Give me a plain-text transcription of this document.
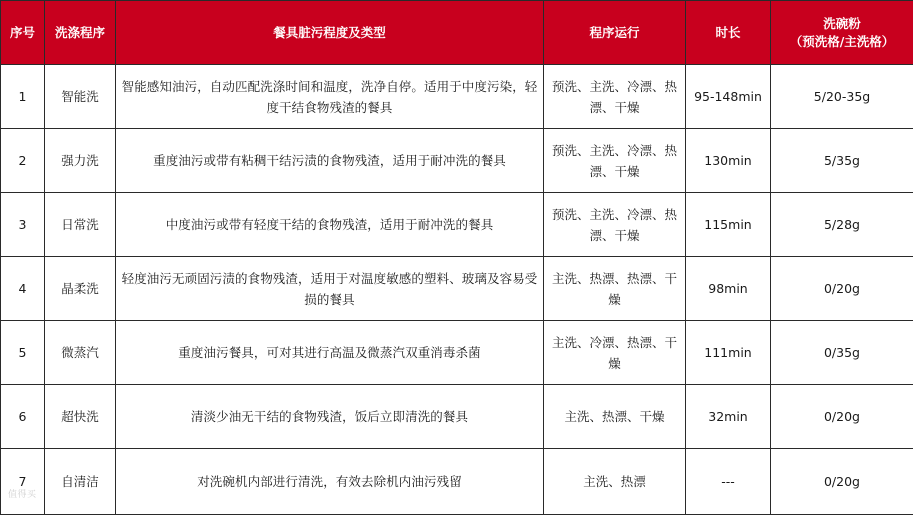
序号	洗涤程序	餐具脏污程度及类型	程序运行	时长	洗碗粉
（预洗格/主洗格）

1	智能洗	智能感知油污，自动匹配洗涤时间和温度，洗净自停。适用于中度污染，轻度干结食物残渣的餐具	预洗、主洗、冷漂、热漂、干燥	95-148min	5/20-35g
2	强力洗	重度油污或带有粘稠干结污渍的食物残渣，适用于耐冲洗的餐具	预洗、主洗、冷漂、热漂、干燥	130min	5/35g
3	日常洗	中度油污或带有轻度干结的食物残渣，适用于耐冲洗的餐具	预洗、主洗、冷漂、热漂、干燥	115min	5/28g
4	晶柔洗	轻度油污无顽固污渍的食物残渣，适用于对温度敏感的塑料、玻璃及容易受损的餐具	主洗、热漂、热漂、干燥	98min	0/20g
5	微蒸汽	重度油污餐具，可对其进行高温及微蒸汽双重消毒杀菌	主洗、冷漂、热漂、干燥	111min	0/35g
6	超快洗	清淡少油无干结的食物残渣，饭后立即清洗的餐具	主洗、热漂、干燥	32min	0/20g
7	自清洁	对洗碗机内部进行清洗，有效去除机内油污残留	主洗、热漂	---	0/20g
值得买
